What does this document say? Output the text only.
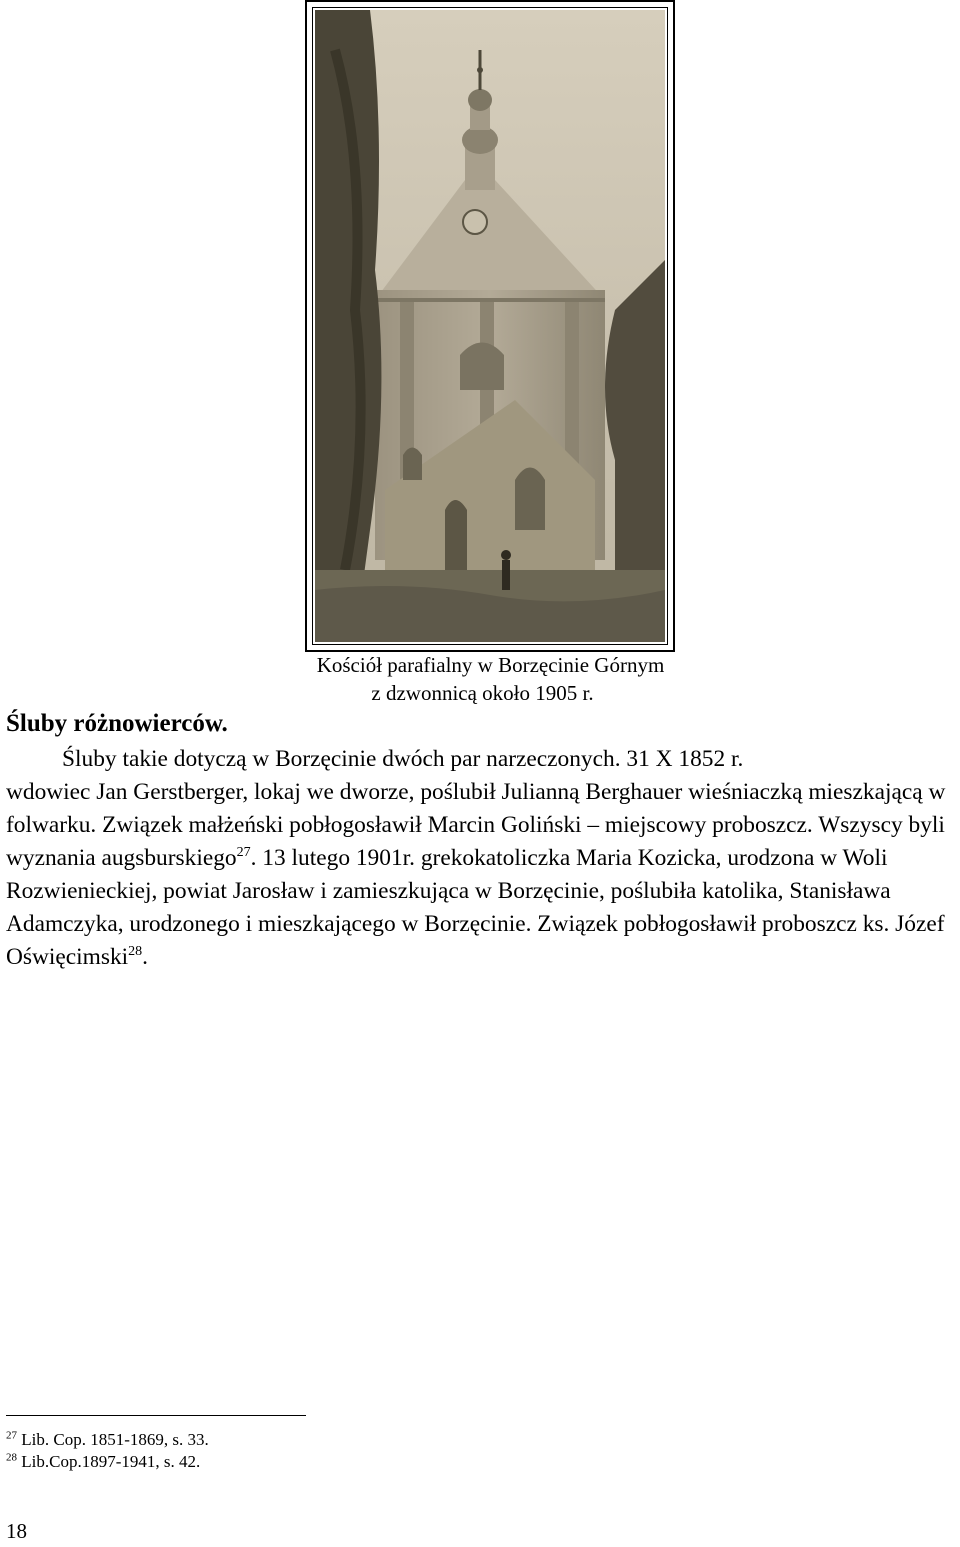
Kościół parafialny w Borzęcinie Górnym
z dzwonnicą około 1905 r.
Śluby różnowierców.

Śluby takie dotyczą w Borzęcinie dwóch par narzeczonych. 31 X 1852 r.
wdowiec Jan Gerstberger, lokaj we dworze, poślubił Julianną Berghauer wieśniaczką mieszkającą w folwarku. Związek małżeński pobłogosławił Marcin Goliński – miejscowy proboszcz. Wszyscy byli wyznania augsburskiego$^{27}$. 13 lutego 1901r. grekokatoliczka Maria Kozicka, urodzona w Woli Rozwienieckiej, powiat Jarosław i zamieszkująca w Borzęcinie, poślubiła katolika, Stanisława Adamczyka, urodzonego i mieszkającego w Borzęcinie. Związek pobłogosławił proboszcz ks. Józef Oświęcimski$^{28}$.

$^{27}$ Lib. Cop. 1851-1869, s. 33.
$^{28}$ Lib.Cop.1897-1941, s. 42.
18
